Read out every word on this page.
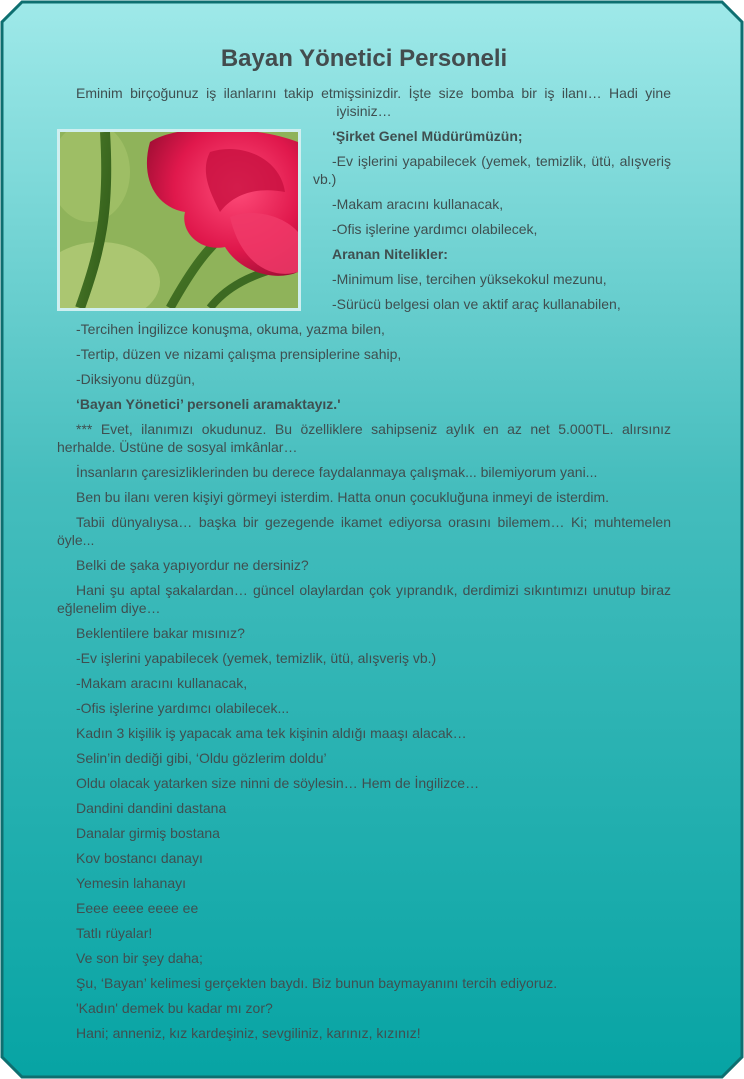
Bayan Yönetici Personeli

Eminim birçoğunuz iş ilanlarını takip etmişsinizdir. İşte size bomba bir iş ilanı… Hadi yine iyisiniz…

‘Şirket Genel Müdürümüzün;

-Ev işlerini yapabilecek (yemek, temizlik, ütü, alışveriş vb.)

-Makam aracını kullanacak,

-Ofis işlerine yardımcı olabilecek,

Aranan Nitelikler:

-Minimum lise, tercihen yüksekokul mezunu,

-Sürücü belgesi olan ve aktif araç kullanabilen,

-Tercihen İngilizce konuşma, okuma, yazma bilen,

-Tertip, düzen ve nizami çalışma prensiplerine sahip,

-Diksiyonu düzgün,

‘Bayan Yönetici’ personeli aramaktayız.'

*** Evet, ilanımızı okudunuz. Bu özelliklere sahipseniz aylık en az net 5.000TL. alırsınız herhalde. Üstüne de sosyal imkânlar…

İnsanların çaresizliklerinden bu derece faydalanmaya çalışmak... bilemiyorum yani...

Ben bu ilanı veren kişiyi görmeyi isterdim. Hatta onun çocukluğuna inmeyi de isterdim.

Tabii dünyalıysa… başka bir gezegende ikamet ediyorsa orasını bilemem… Ki; muhtemelen öyle...

Belki de şaka yapıyordur ne dersiniz?

Hani şu aptal şakalardan… güncel olaylardan çok yıprandık, derdimizi sıkıntımızı unutup biraz eğlenelim diye…

Beklentilere bakar mısınız?

-Ev işlerini yapabilecek (yemek, temizlik, ütü, alışveriş vb.)

-Makam aracını kullanacak,

-Ofis işlerine yardımcı olabilecek...

Kadın 3 kişilik iş yapacak ama tek kişinin aldığı maaşı alacak…

Selin’in dediği gibi, ‘Oldu gözlerim doldu’

Oldu olacak yatarken size ninni de söylesin… Hem de İngilizce…

Dandini dandini dastana

Danalar girmiş bostana

Kov bostancı danayı

Yemesin lahanayı

Eeee eeee eeee ee

Tatlı rüyalar!

Ve son bir şey daha;

Şu, ‘Bayan’ kelimesi gerçekten baydı. Biz bunun baymayanını tercih ediyoruz.

'Kadın' demek bu kadar mı zor?

Hani; anneniz, kız kardeşiniz, sevgiliniz, karınız, kızınız!
